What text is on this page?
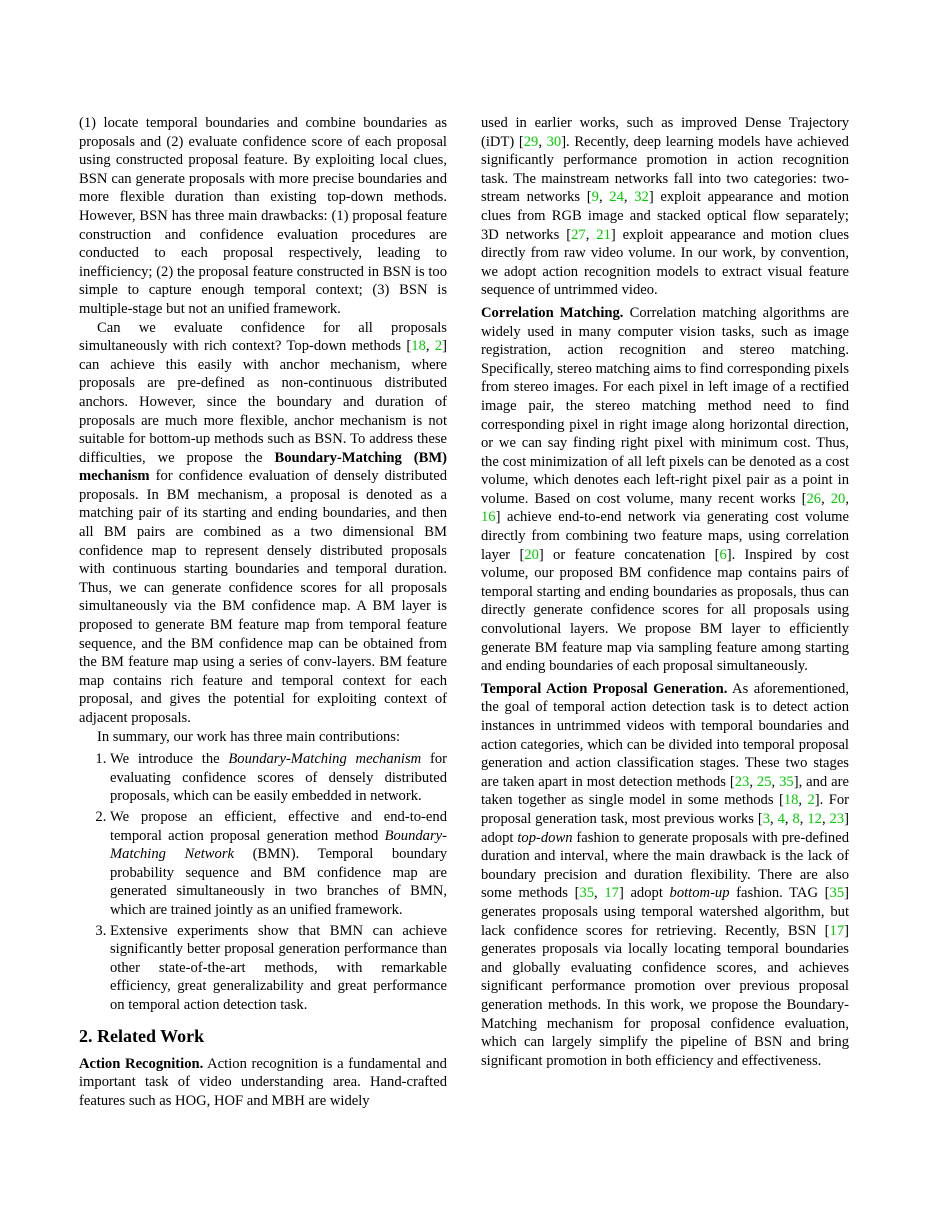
(1) locate temporal boundaries and combine boundaries as proposals and (2) evaluate confidence score of each proposal using constructed proposal feature. By exploiting local clues, BSN can generate proposals with more precise boundaries and more flexible duration than existing top-down methods. However, BSN has three main drawbacks: (1) proposal feature construction and confidence evaluation procedures are conducted to each proposal respectively, leading to inefficiency; (2) the proposal feature constructed in BSN is too simple to capture enough temporal context; (3) BSN is multiple-stage but not an unified framework.

Can we evaluate confidence for all proposals simultaneously with rich context? Top-down methods [18, 2] can achieve this easily with anchor mechanism, where proposals are pre-defined as non-continuous distributed anchors. However, since the boundary and duration of proposals are much more flexible, anchor mechanism is not suitable for bottom-up methods such as BSN. To address these difficulties, we propose the Boundary-Matching (BM) mechanism for confidence evaluation of densely distributed proposals. In BM mechanism, a proposal is denoted as a matching pair of its starting and ending boundaries, and then all BM pairs are combined as a two dimensional BM confidence map to represent densely distributed proposals with continuous starting boundaries and temporal duration. Thus, we can generate confidence scores for all proposals simultaneously via the BM confidence map. A BM layer is proposed to generate BM feature map from temporal feature sequence, and the BM confidence map can be obtained from the BM feature map using a series of conv-layers. BM feature map contains rich feature and temporal context for each proposal, and gives the potential for exploiting context of adjacent proposals.

In summary, our work has three main contributions:

1. We introduce the Boundary-Matching mechanism for evaluating confidence scores of densely distributed proposals, which can be easily embedded in network.
2. We propose an efficient, effective and end-to-end temporal action proposal generation method Boundary-Matching Network (BMN). Temporal boundary probability sequence and BM confidence map are generated simultaneously in two branches of BMN, which are trained jointly as an unified framework.
3. Extensive experiments show that BMN can achieve significantly better proposal generation performance than other state-of-the-art methods, with remarkable efficiency, great generalizability and great performance on temporal action detection task.
2. Related Work

Action Recognition. Action recognition is a fundamental and important task of video understanding area. Hand-crafted features such as HOG, HOF and MBH are widely

used in earlier works, such as improved Dense Trajectory (iDT) [29, 30]. Recently, deep learning models have achieved significantly performance promotion in action recognition task. The mainstream networks fall into two categories: two-stream networks [9, 24, 32] exploit appearance and motion clues from RGB image and stacked optical flow separately; 3D networks [27, 21] exploit appearance and motion clues directly from raw video volume. In our work, by convention, we adopt action recognition models to extract visual feature sequence of untrimmed video.

Correlation Matching. Correlation matching algorithms are widely used in many computer vision tasks, such as image registration, action recognition and stereo matching. Specifically, stereo matching aims to find corresponding pixels from stereo images. For each pixel in left image of a rectified image pair, the stereo matching method need to find corresponding pixel in right image along horizontal direction, or we can say finding right pixel with minimum cost. Thus, the cost minimization of all left pixels can be denoted as a cost volume, which denotes each left-right pixel pair as a point in volume. Based on cost volume, many recent works [26, 20, 16] achieve end-to-end network via generating cost volume directly from combining two feature maps, using correlation layer [20] or feature concatenation [6]. Inspired by cost volume, our proposed BM confidence map contains pairs of temporal starting and ending boundaries as proposals, thus can directly generate confidence scores for all proposals using convolutional layers. We propose BM layer to efficiently generate BM feature map via sampling feature among starting and ending boundaries of each proposal simultaneously.

Temporal Action Proposal Generation. As aforementioned, the goal of temporal action detection task is to detect action instances in untrimmed videos with temporal boundaries and action categories, which can be divided into temporal proposal generation and action classification stages. These two stages are taken apart in most detection methods [23, 25, 35], and are taken together as single model in some methods [18, 2]. For proposal generation task, most previous works [3, 4, 8, 12, 23] adopt top-down fashion to generate proposals with pre-defined duration and interval, where the main drawback is the lack of boundary precision and duration flexibility. There are also some methods [35, 17] adopt bottom-up fashion. TAG [35] generates proposals using temporal watershed algorithm, but lack confidence scores for retrieving. Recently, BSN [17] generates proposals via locally locating temporal boundaries and globally evaluating confidence scores, and achieves significant performance promotion over previous proposal generation methods. In this work, we propose the Boundary-Matching mechanism for proposal confidence evaluation, which can largely simplify the pipeline of BSN and bring significant promotion in both efficiency and effectiveness.
